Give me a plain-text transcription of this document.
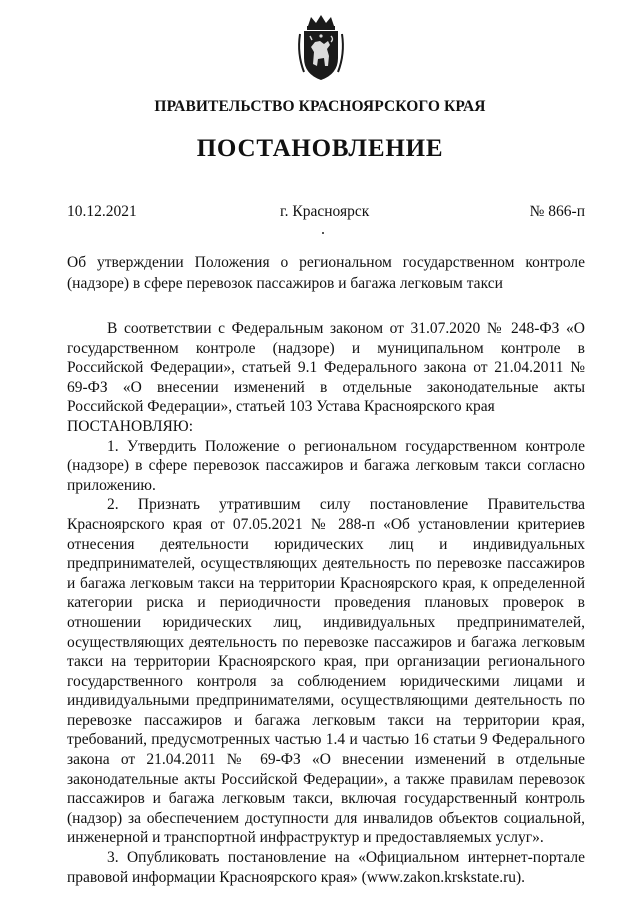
ПРАВИТЕЛЬСТВО КРАСНОЯРСКОГО КРАЯ
ПОСТАНОВЛЕНИЕ
10.12.2021	г. Красноярск	№ 866-п
Об утверждении Положения о региональном государственном контроле (надзоре) в сфере перевозок пассажиров и багажа легковым такси

В соответствии с Федеральным законом от 31.07.2020 № 248-ФЗ «О государственном контроле (надзоре) и муниципальном контроле в Российской Федерации», статьей 9.1 Федерального закона от 21.04.2011 № 69-ФЗ «О внесении изменений в отдельные законодательные акты Российской Федерации», статьей 103 Устава Красноярского края

ПОСТАНОВЛЯЮ:

1. Утвердить Положение о региональном государственном контроле (надзоре) в сфере перевозок пассажиров и багажа легковым такси согласно приложению.

2. Признать утратившим силу постановление Правительства Красноярского края от 07.05.2021 № 288-п «Об установлении критериев отнесения деятельности юридических лиц и индивидуальных предпринимателей, осуществляющих деятельность по перевозке пассажиров и багажа легковым такси на территории Красноярского края, к определенной категории риска и периодичности проведения плановых проверок в отношении юридических лиц, индивидуальных предпринимателей, осуществляющих деятельность по перевозке пассажиров и багажа легковым такси на территории Красноярского края, при организации регионального государственного контроля за соблюдением юридическими лицами и индивидуальными предпринимателями, осуществляющими деятельность по перевозке пассажиров и багажа легковым такси на территории края, требований, предусмотренных частью 1.4 и частью 16 статьи 9 Федерального закона от 21.04.2011 № 69-ФЗ «О внесении изменений в отдельные законодательные акты Российской Федерации», а также правилам перевозок пассажиров и багажа легковым такси, включая государственный контроль (надзор) за обеспечением доступности для инвалидов объектов социальной, инженерной и транспортной инфраструктур и предоставляемых услуг».

3. Опубликовать постановление на «Официальном интернет-портале правовой информации Красноярского края» (www.zakon.krskstate.ru).
